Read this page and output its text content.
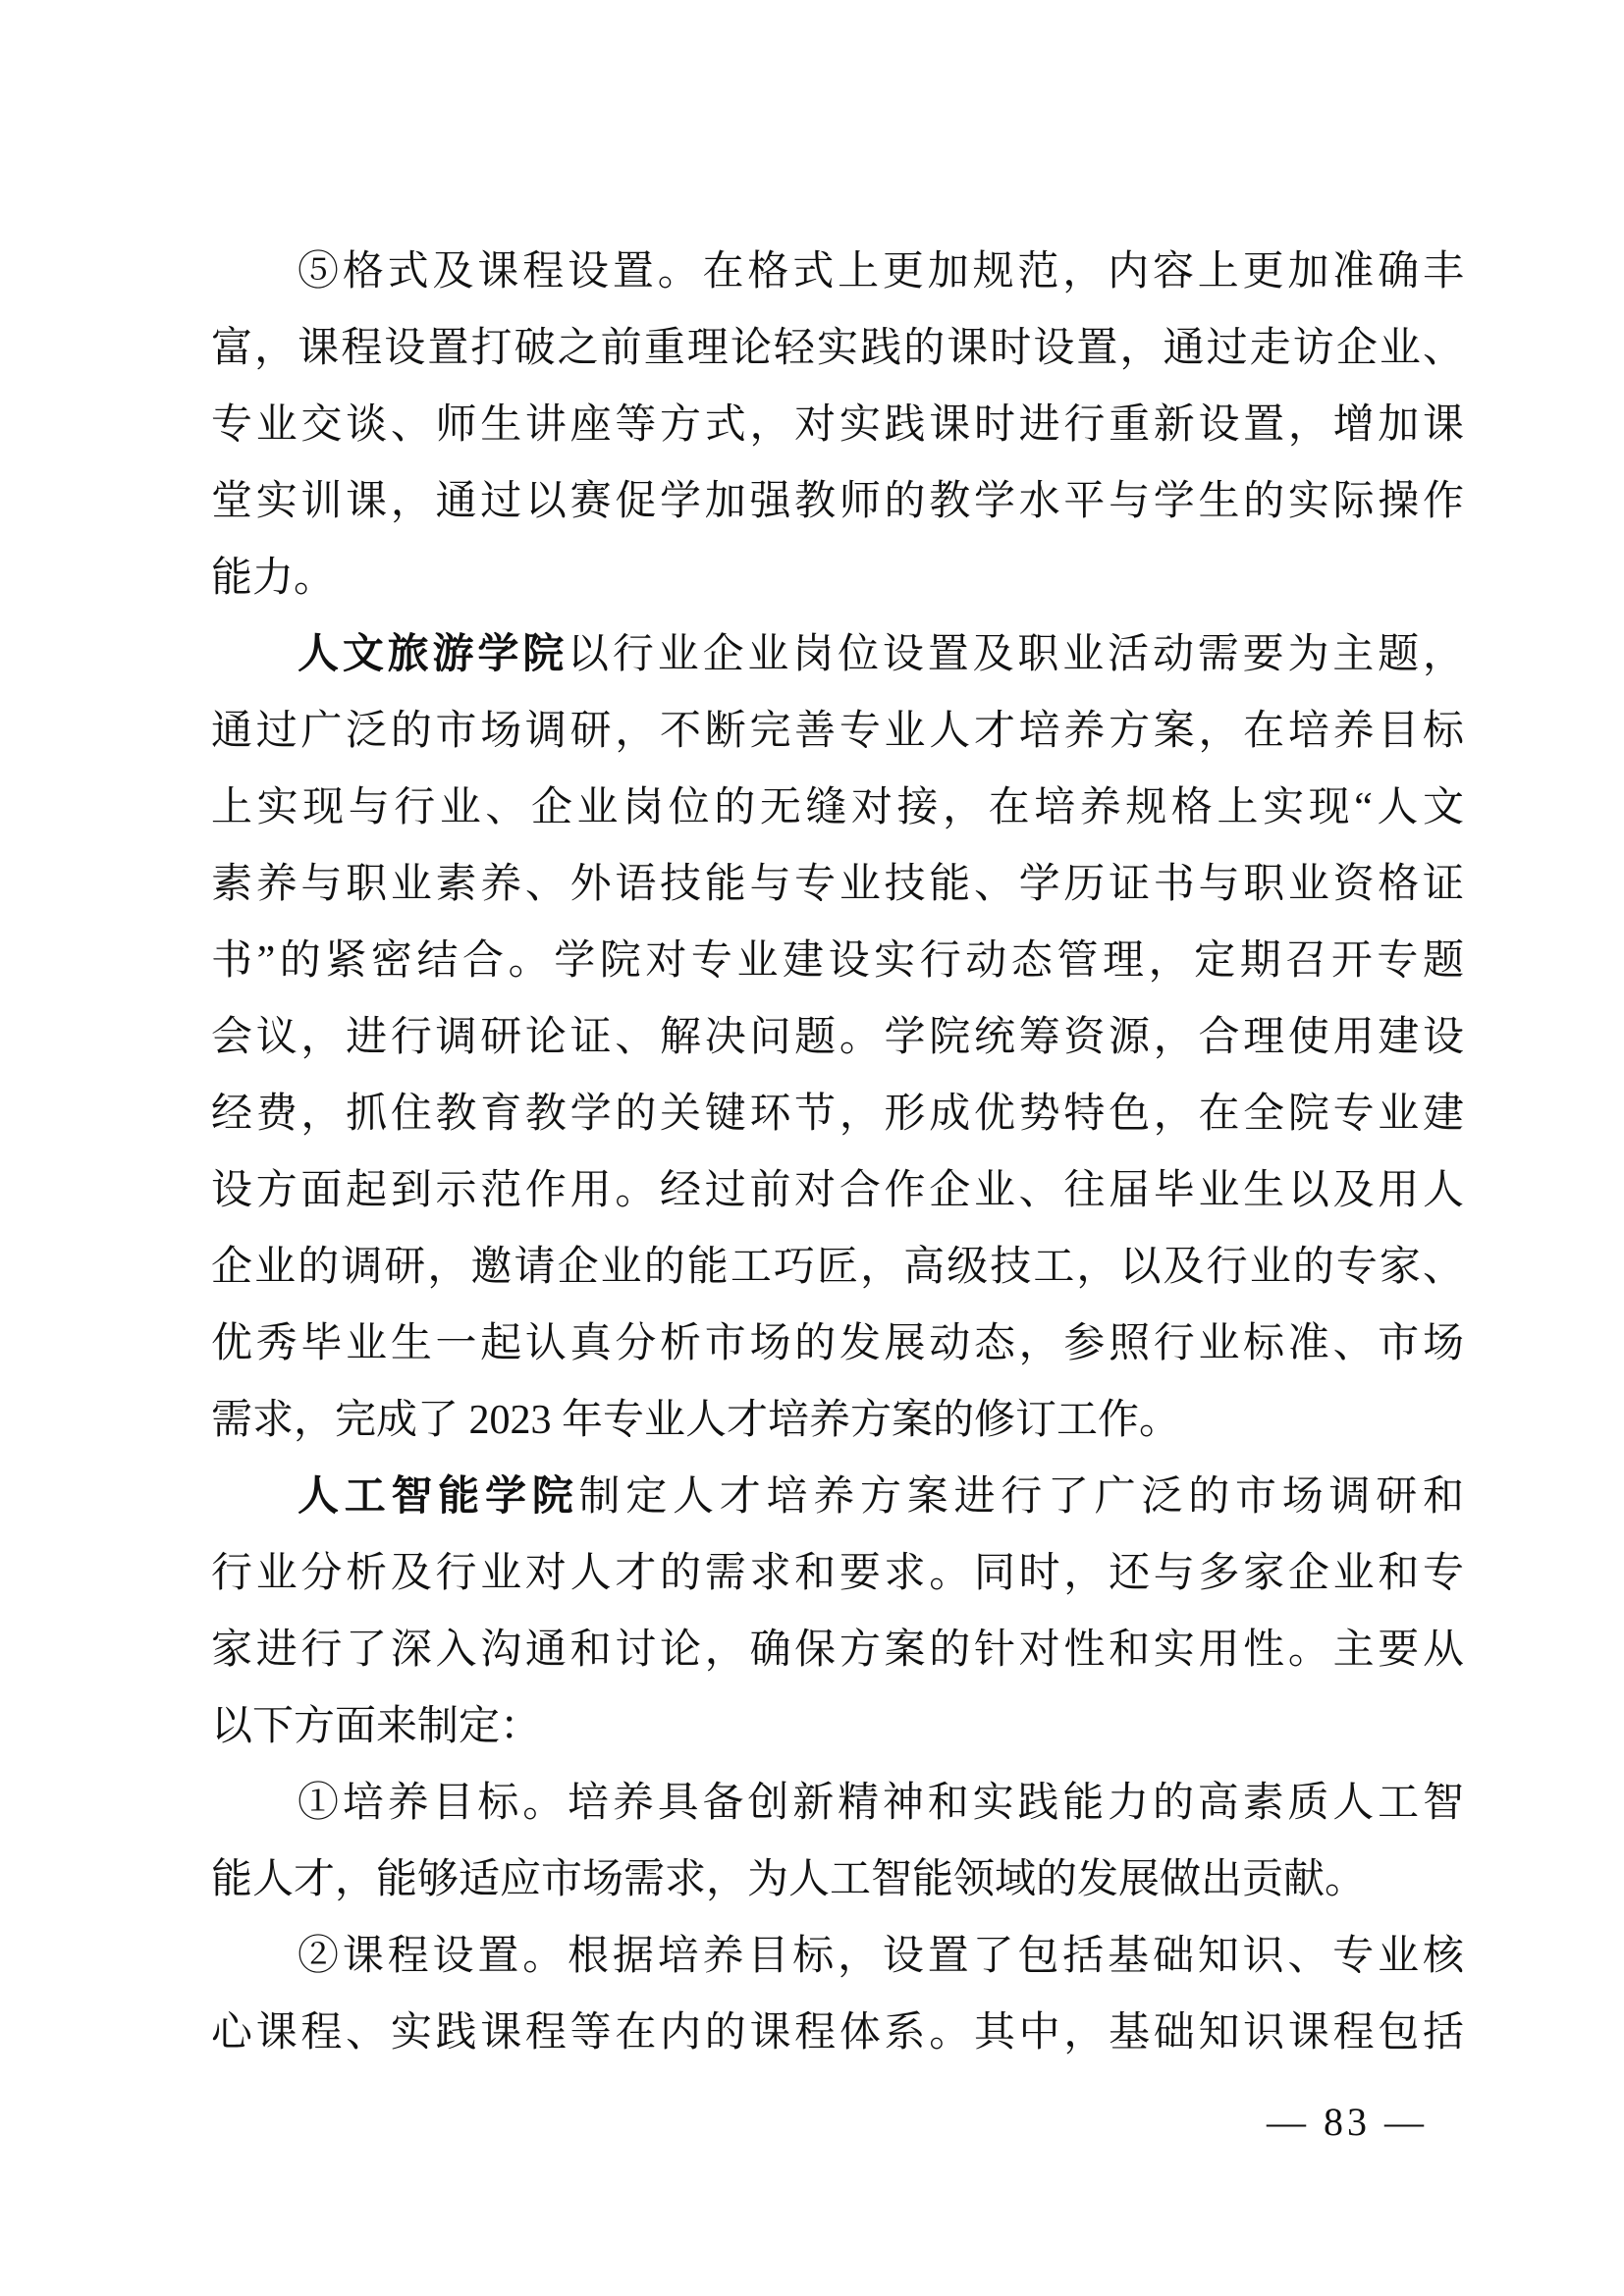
⑤格式及课程设置。在格式上更加规范，内容上更加准确丰
富，课程设置打破之前重理论轻实践的课时设置，通过走访企业、
专业交谈、师生讲座等方式，对实践课时进行重新设置，增加课
堂实训课，通过以赛促学加强教师的教学水平与学生的实际操作
能力。
人文旅游学院以行业企业岗位设置及职业活动需要为主题，
通过广泛的市场调研，不断完善专业人才培养方案，在培养目标
上实现与行业、企业岗位的无缝对接，在培养规格上实现“人文
素养与职业素养、外语技能与专业技能、学历证书与职业资格证
书”的紧密结合。学院对专业建设实行动态管理，定期召开专题
会议，进行调研论证、解决问题。学院统筹资源，合理使用建设
经费，抓住教育教学的关键环节，形成优势特色，在全院专业建
设方面起到示范作用。经过前对合作企业、往届毕业生以及用人
企业的调研，邀请企业的能工巧匠，高级技工，以及行业的专家、
优秀毕业生一起认真分析市场的发展动态，参照行业标准、市场
需求，完成了 2023 年专业人才培养方案的修订工作。
人工智能学院制定人才培养方案进行了广泛的市场调研和
行业分析及行业对人才的需求和要求。同时，还与多家企业和专
家进行了深入沟通和讨论，确保方案的针对性和实用性。主要从
以下方面来制定：
①培养目标。培养具备创新精神和实践能力的高素质人工智
能人才，能够适应市场需求，为人工智能领域的发展做出贡献。
②课程设置。根据培养目标，设置了包括基础知识、专业核
心课程、实践课程等在内的课程体系。其中，基础知识课程包括
— 83 —
